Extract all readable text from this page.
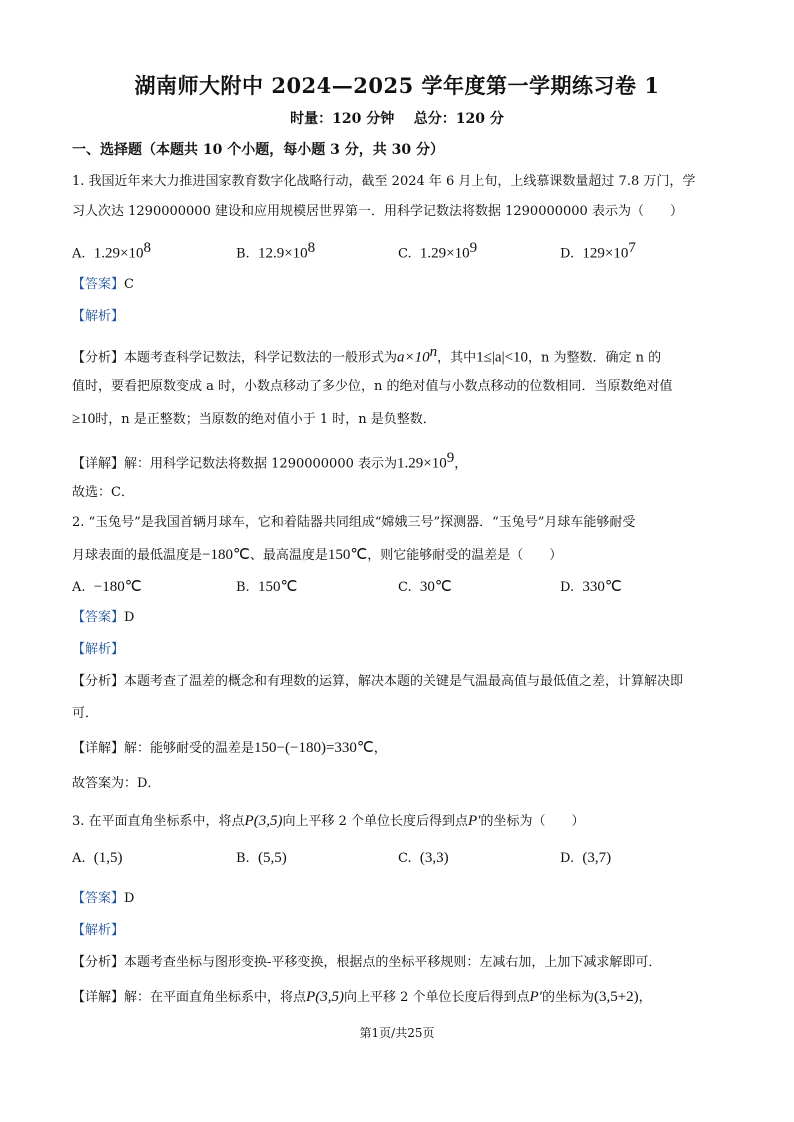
湖南师大附中 2024—2025 学年度第一学期练习卷 1
时量：120 分钟    总分：120 分
一、选择题（本题共 10 个小题，每小题 3 分，共 30 分）
1. 我国近年来大力推进国家教育数字化战略行动，截至 2024 年 6 月上旬，上线慕课数量超过 7.8 万门，学
习人次达 1290000000 建设和应用规模居世界第一．用科学记数法将数据 1290000000 表示为（　　）
A. $1.29\times 10^8$	B. $12.9\times 10^8$	C. $1.29\times 10^9$	D. $129\times 10^7$
【答案】C
【解析】
【分析】本题考查科学记数法，科学记数法的一般形式为$a\times 10^n$，其中1≤|a|<10，n 为整数．确定 n 的
值时，要看把原数变成 a 时，小数点移动了多少位，n 的绝对值与小数点移动的位数相同．当原数绝对值
≥10时，n 是正整数；当原数的绝对值小于 1 时，n 是负整数．
【详解】解：用科学记数法将数据 1290000000 表示为$1.29\times 10^9$，
故选：C．
2. “玉兔号”是我国首辆月球车，它和着陆器共同组成“嫦娥三号”探测器．“玉兔号”月球车能够耐受
月球表面的最低温度是−180℃、最高温度是150℃，则它能够耐受的温差是（　　）
A. −180℃	B. 150℃	C. 30℃	D. 330℃
【答案】D
【解析】
【分析】本题考查了温差的概念和有理数的运算，解决本题的关键是气温最高值与最低值之差，计算解决即
可．
【详解】解：能够耐受的温差是150−(−180)=330℃，
故答案为：D．
3. 在平面直角坐标系中，将点P(3,5)向上平移 2 个单位长度后得到点P′的坐标为（　　）
A. (1,5)	B. (5,5)	C. (3,3)	D. (3,7)
【答案】D
【解析】
【分析】本题考查坐标与图形变换-平移变换，根据点的坐标平移规则：左减右加，上加下减求解即可．
【详解】解：在平面直角坐标系中，将点P(3,5)向上平移 2 个单位长度后得到点P′的坐标为(3,5+2)，
第1页/共25页
